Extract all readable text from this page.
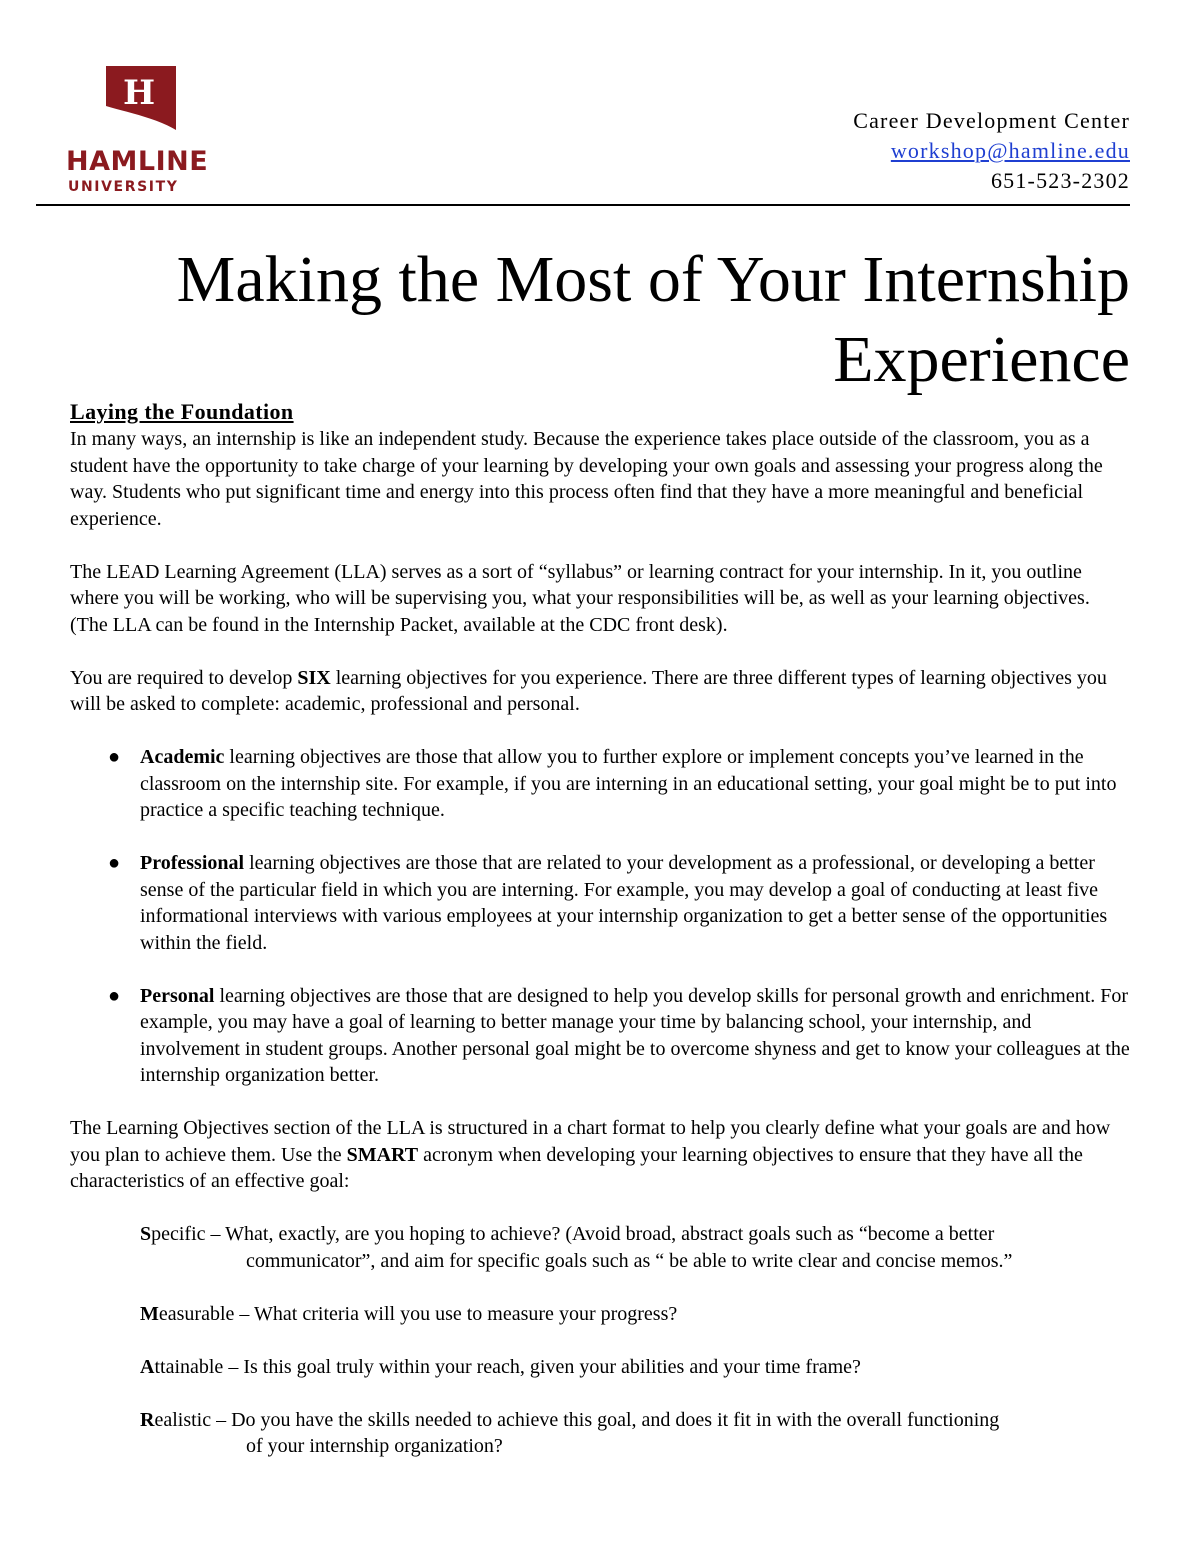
H
HAMLINE
UNIVERSITY
Career Development Center
workshop@hamline.edu
651-523-2302
Making the Most of Your Internship
Experience
Laying the Foundation

In many ways, an internship is like an independent study. Because the experience takes place outside of the classroom, you as a student have the opportunity to take charge of your learning by developing your own goals and assessing your progress along the way. Students who put significant time and energy into this process often find that they have a more meaningful and beneficial experience.

The LEAD Learning Agreement (LLA) serves as a sort of “syllabus” or learning contract for your internship. In it, you outline where you will be working, who will be supervising you, what your responsibilities will be, as well as your learning objectives. (The LLA can be found in the Internship Packet, available at the CDC front desk).

You are required to develop SIX learning objectives for you experience. There are three different types of learning objectives you will be asked to complete: academic, professional and personal.

● Academic learning objectives are those that allow you to further explore or implement concepts you’ve learned in the classroom on the internship site. For example, if you are interning in an educational setting, your goal might be to put into practice a specific teaching technique.
● Professional learning objectives are those that are related to your development as a professional, or developing a better sense of the particular field in which you are interning. For example, you may develop a goal of conducting at least five informational interviews with various employees at your internship organization to get a better sense of the opportunities within the field.
● Personal learning objectives are those that are designed to help you develop skills for personal growth and enrichment. For example, you may have a goal of learning to better manage your time by balancing school, your internship, and involvement in student groups. Another personal goal might be to overcome shyness and get to know your colleagues at the internship organization better.

The Learning Objectives section of the LLA is structured in a chart format to help you clearly define what your goals are and how you plan to achieve them. Use the SMART acronym when developing your learning objectives to ensure that they have all the characteristics of an effective goal:

Specific – What, exactly, are you hoping to achieve? (Avoid broad, abstract goals such as “become a better
communicator”, and aim for specific goals such as “ be able to write clear and concise memos.”
Measurable – What criteria will you use to measure your progress?
Attainable – Is this goal truly within your reach, given your abilities and your time frame?
Realistic – Do you have the skills needed to achieve this goal, and does it fit in with the overall functioning
of your internship organization?
